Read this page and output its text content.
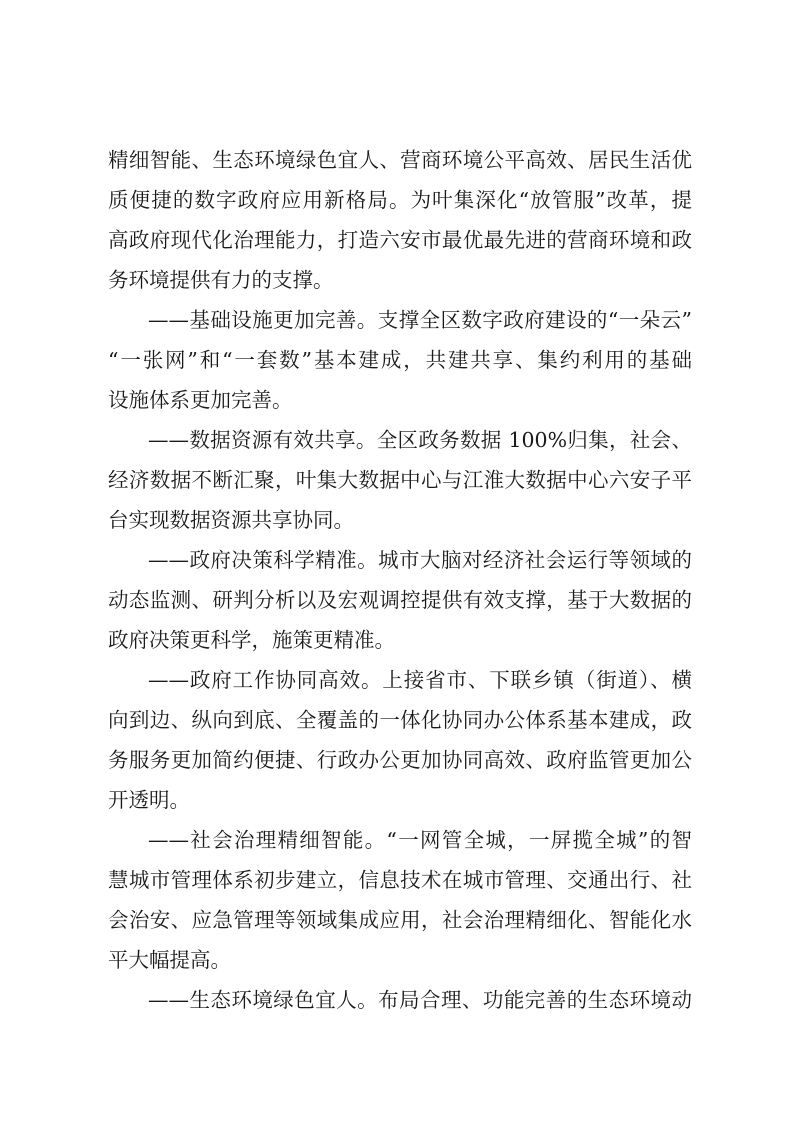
精细智能、生态环境绿色宜人、营商环境公平高效、居民生活优
质便捷的数字政府应用新格局。为叶集深化“放管服”改革，提
高政府现代化治理能力，打造六安市最优最先进的营商环境和政
务环境提供有力的支撑。
——基础设施更加完善。支撑全区数字政府建设的“一朵云”
“一张网”和“一套数”基本建成，共建共享、集约利用的基础
设施体系更加完善。
——数据资源有效共享。全区政务数据 100%归集，社会、
经济数据不断汇聚，叶集大数据中心与江淮大数据中心六安子平
台实现数据资源共享协同。
——政府决策科学精准。城市大脑对经济社会运行等领域的
动态监测、研判分析以及宏观调控提供有效支撑，基于大数据的
政府决策更科学，施策更精准。
——政府工作协同高效。上接省市、下联乡镇（街道）、横
向到边、纵向到底、全覆盖的一体化协同办公体系基本建成，政
务服务更加简约便捷、行政办公更加协同高效、政府监管更加公
开透明。
——社会治理精细智能。“一网管全城，一屏揽全城”的智
慧城市管理体系初步建立，信息技术在城市管理、交通出行、社
会治安、应急管理等领域集成应用，社会治理精细化、智能化水
平大幅提高。
——生态环境绿色宜人。布局合理、功能完善的生态环境动
